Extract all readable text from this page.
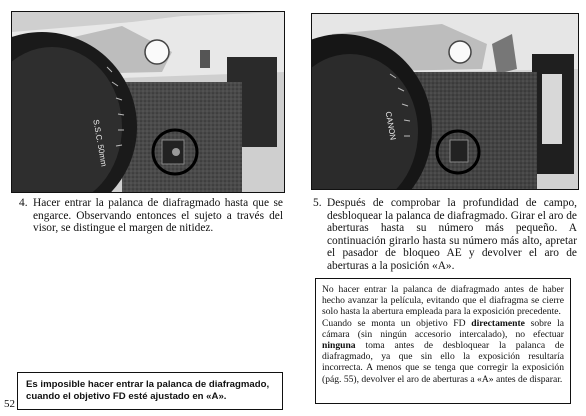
S.S.C. 50mm	CANON
4. Hacer entrar la palanca de diafragmado hasta que se engarce. Observando entonces el sujeto a través del visor, se distingue el margen de nitidez.
5. Después de comprobar la profundidad de campo, desbloquear la palanca de diafragmado. Girar el aro de aberturas hasta su número más pequeño. A continuación girarlo hasta su número más alto, apretar el pasador de bloqueo AE y devolver el aro de aberturas a la posición «A».

No hacer entrar la palanca de diafragmado antes de haber hecho avanzar la película, evitando que el diafragma se cierre solo hasta la abertura empleada para la exposición precedente.

Cuando se monta un objetivo FD directamente sobre la cámara (sin ningún accesorio intercalado), no efectuar ninguna toma antes de desbloquear la palanca de diafragmado, ya que sin ello la exposición resultaría incorrecta. A menos que se tenga que corregir la exposición (pág. 55), devolver el aro de aberturas a «A» antes de disparar.

Es imposible hacer entrar la palanca de diafragmado, cuando el objetivo FD esté ajustado en «A».
52
